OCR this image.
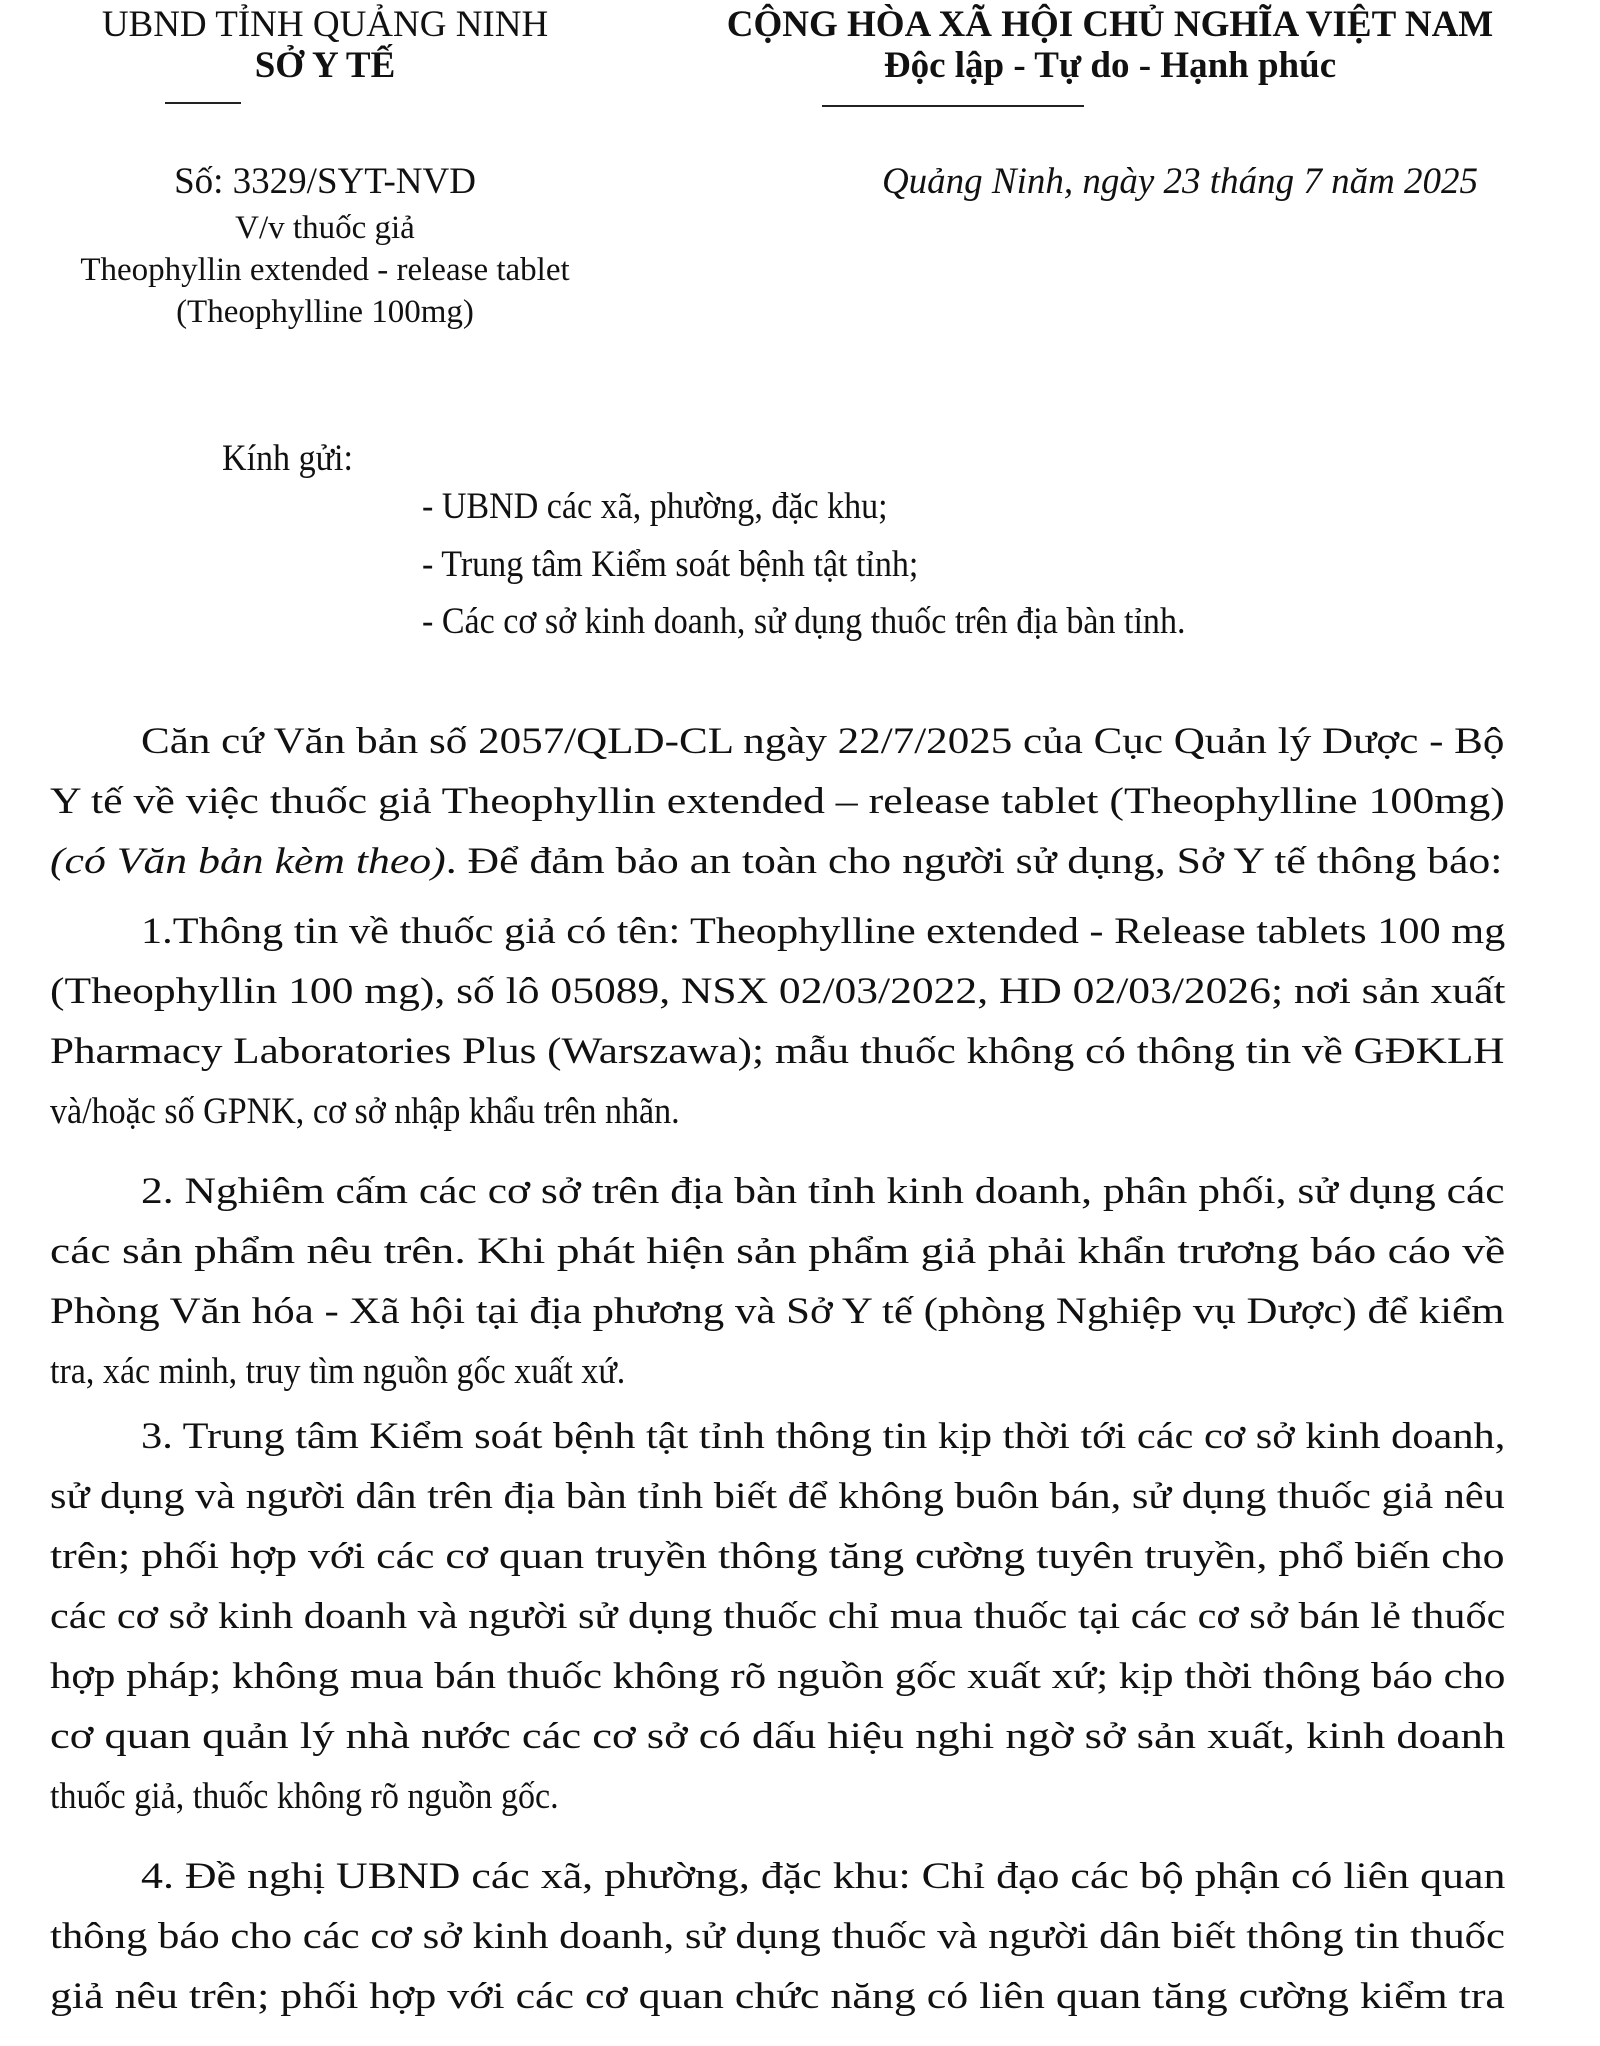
UBND TỈNH QUẢNG NINH
SỞ Y TẾ
CỘNG HÒA XÃ HỘI CHỦ NGHĨA VIỆT NAM
Độc lập - Tự do - Hạnh phúc
Số: 3329/SYT-NVD
V/v thuốc giả
Theophyllin extended - release tablet
(Theophylline 100mg)
Quảng Ninh, ngày 23 tháng 7 năm 2025
Kính gửi:
- UBND các xã, phường, đặc khu;
- Trung tâm Kiểm soát bệnh tật tỉnh;
- Các cơ sở kinh doanh, sử dụng thuốc trên địa bàn tỉnh.
Căn cứ Văn bản số 2057/QLD-CL ngày 22/7/2025 của Cục Quản lý Dược - Bộ
Y tế về việc thuốc giả Theophyllin extended – release tablet (Theophylline 100mg)
(có Văn bản kèm theo). Để đảm bảo an toàn cho người sử dụng, Sở Y tế thông báo:
1.Thông tin về thuốc giả có tên: Theophylline extended - Release tablets 100 mg
(Theophyllin 100 mg), số lô 05089, NSX 02/03/2022, HD 02/03/2026; nơi sản xuất
Pharmacy Laboratories Plus (Warszawa); mẫu thuốc không có thông tin về GĐKLH
và/hoặc số GPNK, cơ sở nhập khẩu trên nhãn.
2. Nghiêm cấm các cơ sở trên địa bàn tỉnh kinh doanh, phân phối, sử dụng các
các sản phẩm nêu trên. Khi phát hiện sản phẩm giả phải khẩn trương báo cáo về
Phòng Văn hóa - Xã hội tại địa phương và Sở Y tế (phòng Nghiệp vụ Dược) để kiểm
tra, xác minh, truy tìm nguồn gốc xuất xứ.
3. Trung tâm Kiểm soát bệnh tật tỉnh thông tin kịp thời tới các cơ sở kinh doanh,
sử dụng và người dân trên địa bàn tỉnh biết để không buôn bán, sử dụng thuốc giả nêu
trên; phối hợp với các cơ quan truyền thông tăng cường tuyên truyền, phổ biến cho
các cơ sở kinh doanh và người sử dụng thuốc chỉ mua thuốc tại các cơ sở bán lẻ thuốc
hợp pháp; không mua bán thuốc không rõ nguồn gốc xuất xứ; kịp thời thông báo cho
cơ quan quản lý nhà nước các cơ sở có dấu hiệu nghi ngờ sở sản xuất, kinh doanh
thuốc giả, thuốc không rõ nguồn gốc.
4. Đề nghị UBND các xã, phường, đặc khu: Chỉ đạo các bộ phận có liên quan
thông báo cho các cơ sở kinh doanh, sử dụng thuốc và người dân biết thông tin thuốc
giả nêu trên; phối hợp với các cơ quan chức năng có liên quan tăng cường kiểm tra
